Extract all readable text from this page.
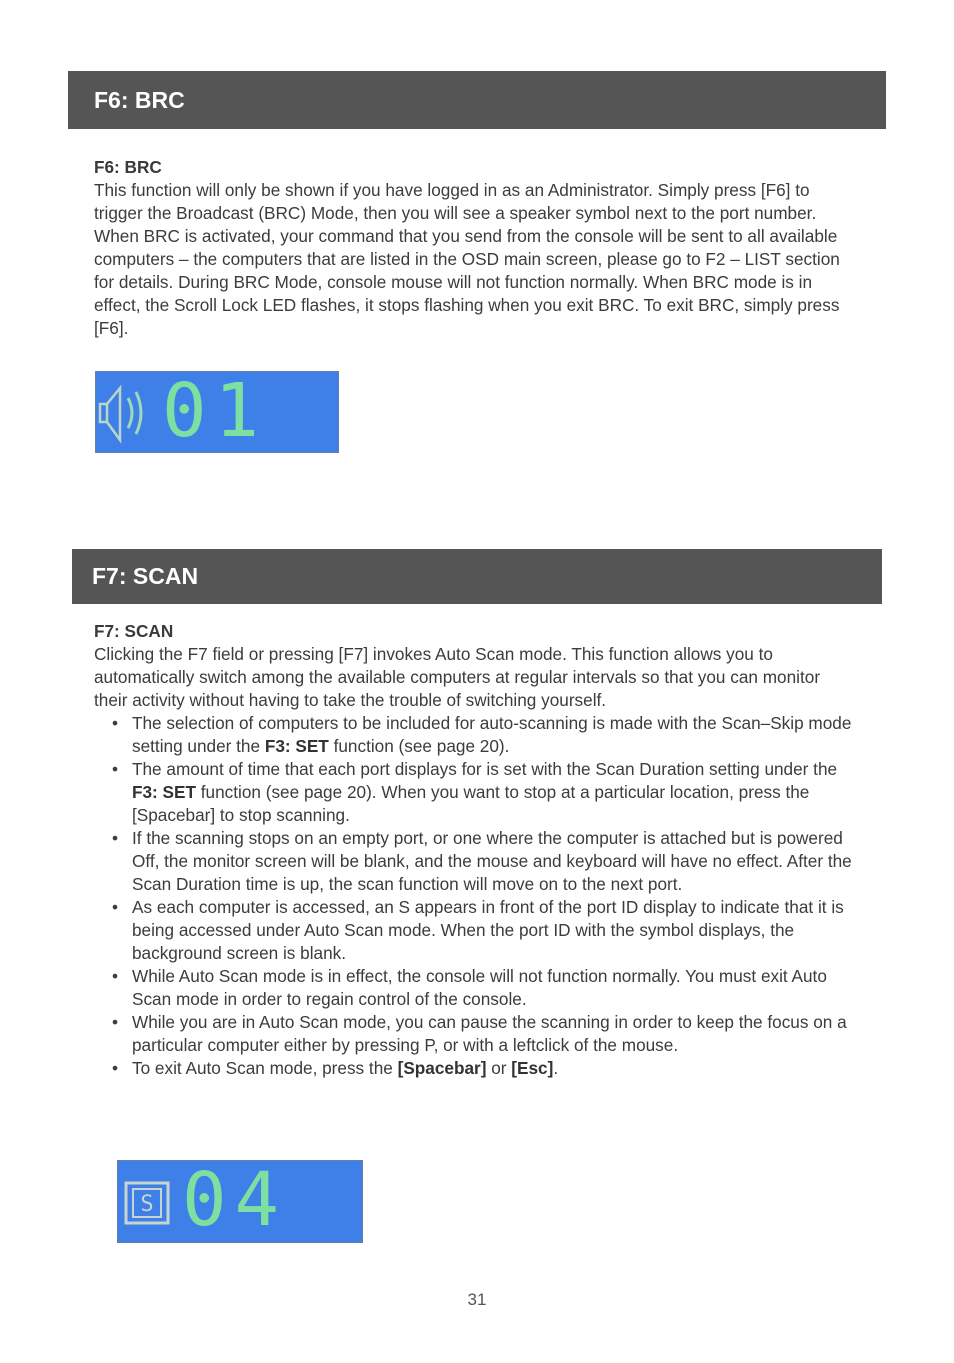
F6: BRC
F6: BRC
This function will only be shown if you have logged in as an Administrator. Simply press [F6] to trigger the Broadcast (BRC) Mode, then you will see a speaker symbol next to the port number. When BRC is activated, your command that you send from the console will be sent to all available computers – the computers that are listed in the OSD main screen, please go to F2 – LIST section for details. During BRC Mode, console mouse will not function normally. When BRC mode is in effect, the Scroll Lock LED flashes, it stops flashing when you exit BRC. To exit BRC, simply press [F6].
01
F7: SCAN
F7: SCAN
Clicking the F7 field or pressing [F7] invokes Auto Scan mode. This function allows you to automatically switch among the available computers at regular intervals so that you can monitor their activity without having to take the trouble of switching yourself.
• The selection of computers to be included for auto-scanning is made with the Scan–Skip mode setting under the F3: SET function (see page 20).
• The amount of time that each port displays for is set with the Scan Duration setting under the F3: SET function (see page 20). When you want to stop at a particular location, press the [Spacebar] to stop scanning.
• If the scanning stops on an empty port, or one where the computer is attached but is powered Off, the monitor screen will be blank, and the mouse and keyboard will have no effect. After the Scan Duration time is up, the scan function will move on to the next port.
• As each computer is accessed, an S appears in front of the port ID display to indicate that it is being accessed under Auto Scan mode. When the port ID with the symbol displays, the background screen is blank.
• While Auto Scan mode is in effect, the console will not function normally. You must exit Auto Scan mode in order to regain control of the console.
• While you are in Auto Scan mode, you can pause the scanning in order to keep the focus on a particular computer either by pressing P, or with a leftclick of the mouse.
• To exit Auto Scan mode, press the [Spacebar] or [Esc].
S 04
31
